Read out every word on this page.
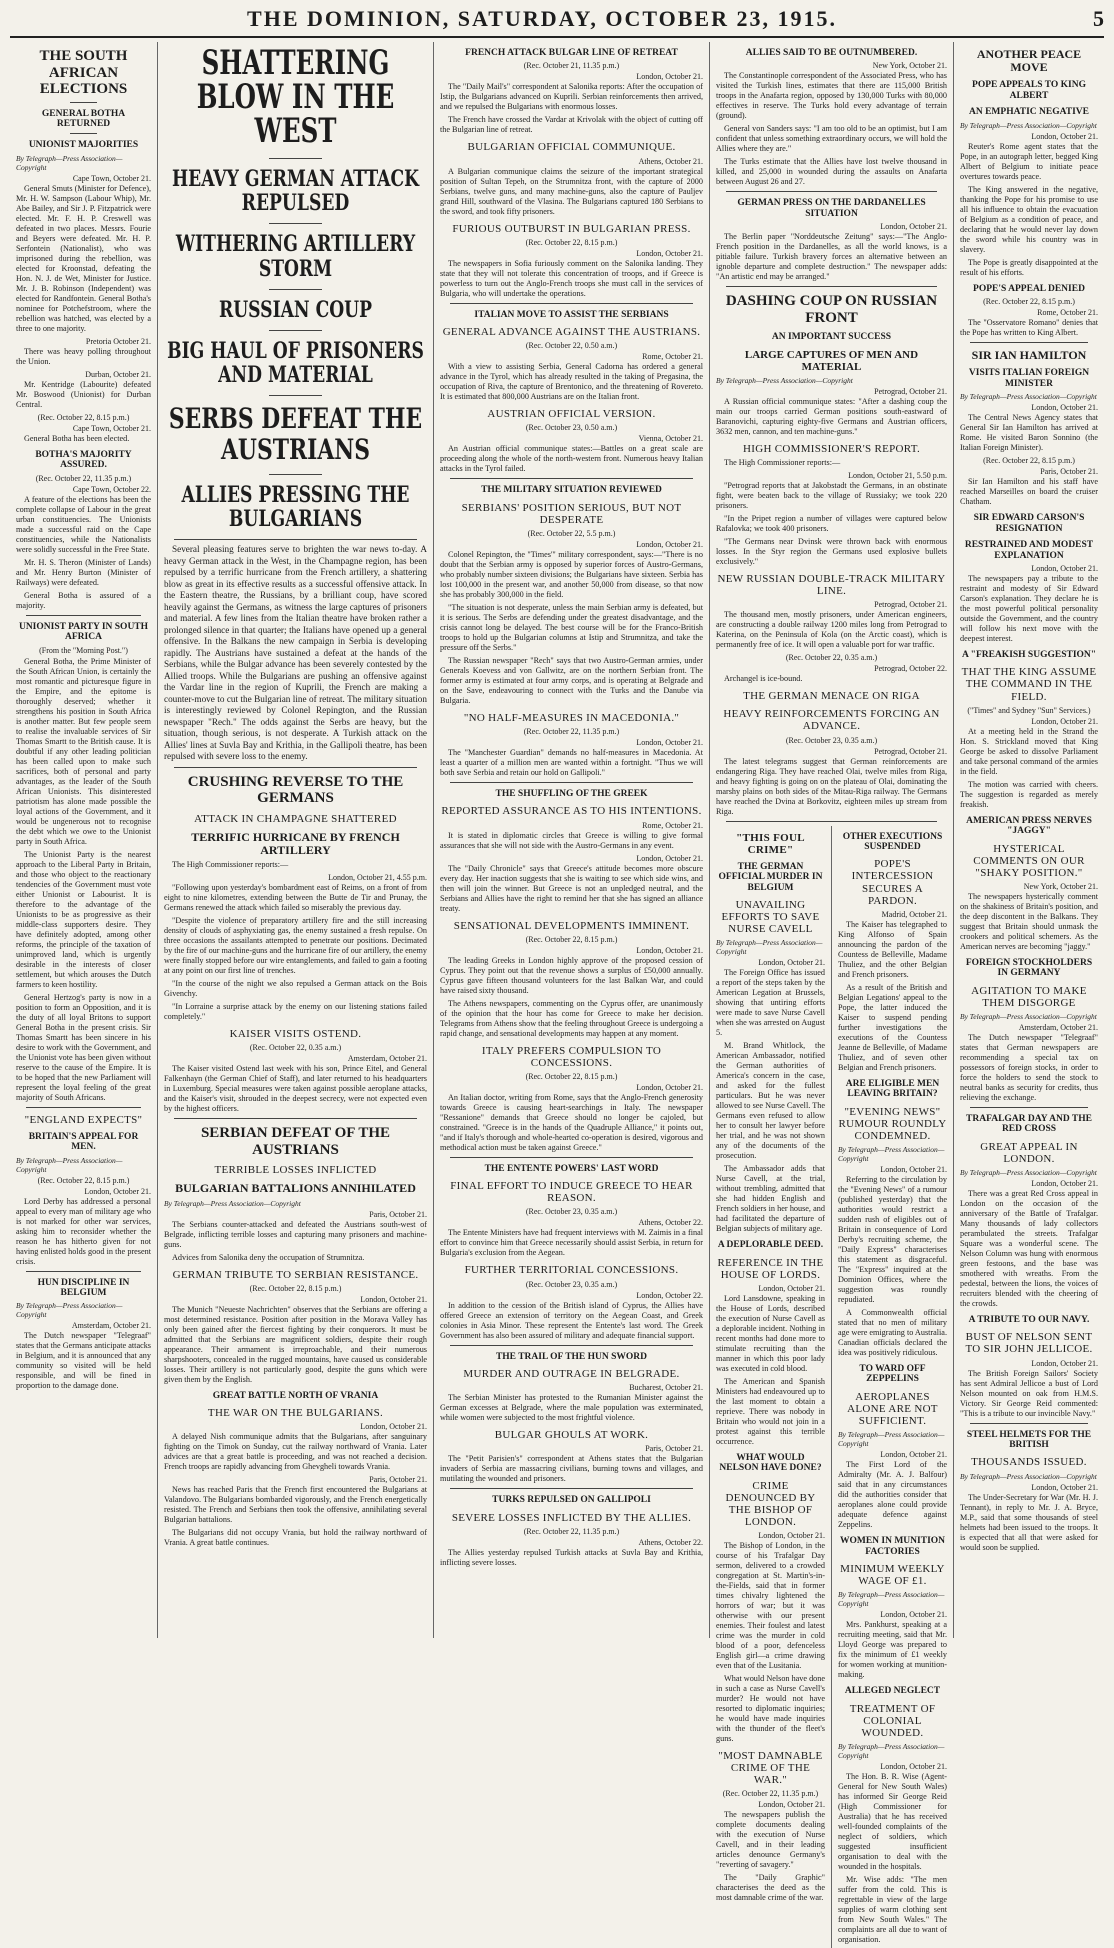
THE DOMINION, SATURDAY, OCTOBER 23, 1915.	5
THE SOUTH AFRICAN ELECTIONS
GENERAL BOTHA RETURNED
UNIONIST MAJORITIES
By Telegraph—Press Association—Copyright
Cape Town, October 21.

General Smuts (Minister for Defence), Mr. H. W. Sampson (Labour Whip), Mr. Abe Bailey, and Sir J. P. Fitzpatrick were elected. Mr. F. H. P. Creswell was defeated in two places. Messrs. Fourie and Beyers were defeated. Mr. H. P. Serfontein (Nationalist), who was imprisoned during the rebellion, was elected for Kroonstad, defeating the Hon. N. J. de Wet, Minister for Justice. Mr. J. B. Robinson (Independent) was elected for Randfontein. General Botha's nominee for Potchefstroom, where the rebellion was hatched, was elected by a three to one majority.

Pretoria October 21.

There was heavy polling throughout the Union.

Durban, October 21.

Mr. Kentridge (Labourite) defeated Mr. Boswood (Unionist) for Durban Central.

(Rec. October 22, 8.15 p.m.)
Cape Town, October 21.

General Botha has been elected.

BOTHA'S MAJORITY ASSURED.
(Rec. October 22, 11.35 p.m.)
Cape Town, October 22.

A feature of the elections has been the complete collapse of Labour in the great urban constituencies. The Unionists made a successful raid on the Cape constituencies, while the Nationalists were solidly successful in the Free State.

Mr. H. S. Theron (Minister of Lands) and Mr. Henry Burton (Minister of Railways) were defeated.

General Botha is assured of a majority.

UNIONIST PARTY IN SOUTH AFRICA
(From the "Morning Post.")

General Botha, the Prime Minister of the South African Union, is certainly the most romantic and picturesque figure in the Empire, and the epitome is thoroughly deserved; whether it strengthens his position in South Africa is another matter. But few people seem to realise the invaluable services of Sir Thomas Smartt to the British cause. It is doubtful if any other leading politician has been called upon to make such sacrifices, both of personal and party advantages, as the leader of the South African Unionists. This disinterested patriotism has alone made possible the loyal actions of the Government, and it would be ungenerous not to recognise the debt which we owe to the Unionist party in South Africa.

The Unionist Party is the nearest approach to the Liberal Party in Britain, and those who object to the reactionary tendencies of the Government must vote either Unionist or Labourist. It is therefore to the advantage of the Unionists to be as progressive as their middle-class supporters desire. They have definitely adopted, among other reforms, the principle of the taxation of unimproved land, which is urgently desirable in the interests of closer settlement, but which arouses the Dutch farmers to keen hostility.

General Hertzog's party is now in a position to form an Opposition, and it is the duty of all loyal Britons to support General Botha in the present crisis. Sir Thomas Smartt has been sincere in his desire to work with the Government, and the Unionist vote has been given without reserve to the cause of the Empire. It is to be hoped that the new Parliament will represent the loyal feeling of the great majority of South Africans.

"ENGLAND EXPECTS"
BRITAIN'S APPEAL FOR MEN.
By Telegraph—Press Association—Copyright
(Rec. October 22, 8.15 p.m.)
London, October 21.

Lord Derby has addressed a personal appeal to every man of military age who is not marked for other war services, asking him to reconsider whether the reason he has hitherto given for not having enlisted holds good in the present crisis.

HUN DISCIPLINE IN BELGIUM
By Telegraph—Press Association—Copyright
Amsterdam, October 21.

The Dutch newspaper "Telegraaf" states that the Germans anticipate attacks in Belgium, and it is announced that any community so visited will be held responsible, and will be fined in proportion to the damage done.

SHATTERING BLOW IN THE WEST
HEAVY GERMAN ATTACK REPULSED
WITHERING ARTILLERY STORM
RUSSIAN COUP
BIG HAUL OF PRISONERS AND MATERIAL
SERBS DEFEAT THE AUSTRIANS
ALLIES PRESSING THE BULGARIANS

Several pleasing features serve to brighten the war news to-day. A heavy German attack in the West, in the Champagne region, has been repulsed by a terrific hurricane from the French artillery, a shattering blow as great in its effective results as a successful offensive attack. In the Eastern theatre, the Russians, by a brilliant coup, have scored heavily against the Germans, as witness the large captures of prisoners and material. A few lines from the Italian theatre have broken rather a prolonged silence in that quarter; the Italians have opened up a general offensive. In the Balkans the new campaign in Serbia is developing rapidly. The Austrians have sustained a defeat at the hands of the Serbians, while the Bulgar advance has been severely contested by the Allied troops. While the Bulgarians are pushing an offensive against the Vardar line in the region of Kuprili, the French are making a counter-move to cut the Bulgarian line of retreat. The military situation is interestingly reviewed by Colonel Repington, and the Russian newspaper "Rech." The odds against the Serbs are heavy, but the situation, though serious, is not desperate. A Turkish attack on the Allies' lines at Suvla Bay and Krithia, in the Gallipoli theatre, has been repulsed with severe loss to the enemy.

CRUSHING REVERSE TO THE GERMANS
ATTACK IN CHAMPAGNE SHATTERED
TERRIFIC HURRICANE BY FRENCH ARTILLERY

The High Commissioner reports:—

London, October 21, 4.55 p.m.

"Following upon yesterday's bombardment east of Reims, on a front of from eight to nine kilometres, extending between the Butte de Tir and Prunay, the Germans renewed the attack which failed so miserably the previous day.

"Despite the violence of preparatory artillery fire and the still increasing density of clouds of asphyxiating gas, the enemy sustained a fresh repulse. On three occasions the assailants attempted to penetrate our positions. Decimated by the fire of our machine-guns and the hurricane fire of our artillery, the enemy were finally stopped before our wire entanglements, and failed to gain a footing at any point on our first line of trenches.

"In the course of the night we also repulsed a German attack on the Bois Givenchy.

"In Lorraine a surprise attack by the enemy on our listening stations failed completely."

KAISER VISITS OSTEND.
(Rec. October 22, 0.35 a.m.)
Amsterdam, October 21.

The Kaiser visited Ostend last week with his son, Prince Eitel, and General Falkenhayn (the German Chief of Staff), and later returned to his headquarters in Luxemburg. Special measures were taken against possible aeroplane attacks, and the Kaiser's visit, shrouded in the deepest secrecy, were not expected even by the highest officers.

SERBIAN DEFEAT OF THE AUSTRIANS
TERRIBLE LOSSES INFLICTED
BULGARIAN BATTALIONS ANNIHILATED
By Telegraph—Press Association—Copyright
Paris, October 21.

The Serbians counter-attacked and defeated the Austrians south-west of Belgrade, inflicting terrible losses and capturing many prisoners and machine-guns.

Advices from Salonika deny the occupation of Strumnitza.

GERMAN TRIBUTE TO SERBIAN RESISTANCE.
(Rec. October 22, 8.15 p.m.)
London, October 21.

The Munich "Neueste Nachrichten" observes that the Serbians are offering a most determined resistance. Position after position in the Morava Valley has only been gained after the fiercest fighting by their conquerors. It must be admitted that the Serbians are magnificent soldiers, despite their rough appearance. Their armament is irreproachable, and their numerous sharpshooters, concealed in the rugged mountains, have caused us considerable losses. Their artillery is not particularly good, despite the guns which were given them by the English.

GREAT BATTLE NORTH OF VRANIA
THE WAR ON THE BULGARIANS.
London, October 21.

A delayed Nish communique admits that the Bulgarians, after sanguinary fighting on the Timok on Sunday, cut the railway northward of Vrania. Later advices are that a great battle is proceeding, and was not reached a decision. French troops are rapidly advancing from Ghevgheli towards Vrania.

Paris, October 21.

News has reached Paris that the French first encountered the Bulgarians at Valandovo. The Bulgarians bombarded vigorously, and the French energetically resisted. The French and Serbians then took the offensive, annihilating several Bulgarian battalions.

The Bulgarians did not occupy Vrania, but hold the railway northward of Vrania. A great battle continues.

FRENCH ATTACK BULGAR LINE OF RETREAT
(Rec. October 21, 11.35 p.m.)
London, October 21.

The "Daily Mail's" correspondent at Salonika reports: After the occupation of Istip, the Bulgarians advanced on Kuprili. Serbian reinforcements then arrived, and we repulsed the Bulgarians with enormous losses.

The French have crossed the Vardar at Krivolak with the object of cutting off the Bulgarian line of retreat.

BULGARIAN OFFICIAL COMMUNIQUE.
Athens, October 21.

A Bulgarian communique claims the seizure of the important strategical position of Sultan Tepeh, on the Strumnitza front, with the capture of 2000 Serbians, twelve guns, and many machine-guns, also the capture of Pauljev grand Hill, southward of the Vlasina. The Bulgarians captured 180 Serbians to the sword, and took fifty prisoners.

FURIOUS OUTBURST IN BULGARIAN PRESS.
(Rec. October 22, 8.15 p.m.)
London, October 21.

The newspapers in Sofia furiously comment on the Salonika landing. They state that they will not tolerate this concentration of troops, and if Greece is powerless to turn out the Anglo-French troops she must call in the services of Bulgaria, who will undertake the operations.

ITALIAN MOVE TO ASSIST THE SERBIANS
GENERAL ADVANCE AGAINST THE AUSTRIANS.
(Rec. October 22, 0.50 a.m.)
Rome, October 21.

With a view to assisting Serbia, General Cadorna has ordered a general advance in the Tyrol, which has already resulted in the taking of Pregasina, the occupation of Riva, the capture of Brentonico, and the threatening of Rovereto. It is estimated that 800,000 Austrians are on the Italian front.

AUSTRIAN OFFICIAL VERSION.
(Rec. October 23, 0.50 a.m.)
Vienna, October 21.

An Austrian official communique states:—Battles on a great scale are proceeding along the whole of the north-western front. Numerous heavy Italian attacks in the Tyrol failed.

THE MILITARY SITUATION REVIEWED
SERBIANS' POSITION SERIOUS, BUT NOT DESPERATE
(Rec. October 22, 5.5 p.m.)
London, October 21.

Colonel Repington, the "Times'" military correspondent, says:—"There is no doubt that the Serbian army is opposed by superior forces of Austro-Germans, who probably number sixteen divisions; the Bulgarians have sixteen. Serbia has lost 100,000 in the present war, and another 50,000 from disease, so that now she has probably 300,000 in the field.

"The situation is not desperate, unless the main Serbian army is defeated, but it is serious. The Serbs are defending under the greatest disadvantage, and the crisis cannot long be delayed. The best course will be for the Franco-British troops to hold up the Bulgarian columns at Istip and Strumnitza, and take the pressure off the Serbs."

The Russian newspaper "Rech" says that two Austro-German armies, under Generals Koevess and von Gallwitz, are on the northern Serbian front. The former army is estimated at four army corps, and is operating at Belgrade and on the Save, endeavouring to connect with the Turks and the Danube via Bulgaria.

"NO HALF-MEASURES IN MACEDONIA."
(Rec. October 22, 11.35 p.m.)
London, October 21.

The "Manchester Guardian" demands no half-measures in Macedonia. At least a quarter of a million men are wanted within a fortnight. "Thus we will both save Serbia and retain our hold on Gallipoli."

THE SHUFFLING OF THE GREEK
REPORTED ASSURANCE AS TO HIS INTENTIONS.
Rome, October 21.

It is stated in diplomatic circles that Greece is willing to give formal assurances that she will not side with the Austro-Germans in any event.

London, October 21.

The "Daily Chronicle" says that Greece's attitude becomes more obscure every day. Her inaction suggests that she is waiting to see which side wins, and then will join the winner. But Greece is not an unpledged neutral, and the Serbians and Allies have the right to remind her that she has signed an alliance treaty.

SENSATIONAL DEVELOPMENTS IMMINENT.
(Rec. October 22, 8.15 p.m.)
London, October 21.

The leading Greeks in London highly approve of the proposed cession of Cyprus. They point out that the revenue shows a surplus of £50,000 annually. Cyprus gave fifteen thousand volunteers for the last Balkan War, and could have raised sixty thousand.

The Athens newspapers, commenting on the Cyprus offer, are unanimously of the opinion that the hour has come for Greece to make her decision. Telegrams from Athens show that the feeling throughout Greece is undergoing a rapid change, and sensational developments may happen at any moment.

ITALY PREFERS COMPULSION TO CONCESSIONS.
(Rec. October 22, 8.15 p.m.)
London, October 21.

An Italian doctor, writing from Rome, says that the Anglo-French generosity towards Greece is causing heart-searchings in Italy. The newspaper "Ressanione" demands that Greece should no longer be cajoled, but constrained. "Greece is in the hands of the Quadruple Alliance," it points out, "and if Italy's thorough and whole-hearted co-operation is desired, vigorous and methodical action must be taken against Greece."

THE ENTENTE POWERS' LAST WORD
FINAL EFFORT TO INDUCE GREECE TO HEAR REASON.
(Rec. October 23, 0.35 a.m.)
Athens, October 22.

The Entente Ministers have had frequent interviews with M. Zaimis in a final effort to convince him that Greece necessarily should assist Serbia, in return for Bulgaria's exclusion from the Aegean.

FURTHER TERRITORIAL CONCESSIONS.
(Rec. October 23, 0.35 a.m.)
London, October 22.

In addition to the cession of the British island of Cyprus, the Allies have offered Greece an extension of territory on the Aegean Coast, and Greek colonies in Asia Minor. These represent the Entente's last word. The Greek Government has also been assured of military and adequate financial support.

THE TRAIL OF THE HUN SWORD
MURDER AND OUTRAGE IN BELGRADE.
Bucharest, October 21.

The Serbian Minister has protested to the Rumanian Minister against the German excesses at Belgrade, where the male population was exterminated, while women were subjected to the most frightful violence.

BULGAR GHOULS AT WORK.
Paris, October 21.

The "Petit Parisien's" correspondent at Athens states that the Bulgarian invaders of Serbia are massacring civilians, burning towns and villages, and mutilating the wounded and prisoners.

TURKS REPULSED ON GALLIPOLI
SEVERE LOSSES INFLICTED BY THE ALLIES.
(Rec. October 22, 11.35 p.m.)
Athens, October 22.

The Allies yesterday repulsed Turkish attacks at Suvla Bay and Krithia, inflicting severe losses.

ALLIES SAID TO BE OUTNUMBERED.
New York, October 21.

The Constantinople correspondent of the Associated Press, who has visited the Turkish lines, estimates that there are 115,000 British troops in the Anafarta region, opposed by 130,000 Turks with 80,000 effectives in reserve. The Turks hold every advantage of terrain (ground).

General von Sanders says: "I am too old to be an optimist, but I am confident that unless something extraordinary occurs, we will hold the Allies where they are."

The Turks estimate that the Allies have lost twelve thousand in killed, and 25,000 in wounded during the assaults on Anafarta between August 26 and 27.

GERMAN PRESS ON THE DARDANELLES SITUATION
London, October 21.

The Berlin paper "Norddeutsche Zeitung" says:—"The Anglo-French position in the Dardanelles, as all the world knows, is a pitiable failure. Turkish bravery forces an alternative between an ignoble departure and complete destruction." The newspaper adds: "An artistic end may be arranged."

DASHING COUP ON RUSSIAN FRONT
AN IMPORTANT SUCCESS
LARGE CAPTURES OF MEN AND MATERIAL
By Telegraph—Press Association—Copyright
Petrograd, October 21.

A Russian official communique states: "After a dashing coup the main our troops carried German positions south-eastward of Baranovichi, capturing eighty-five Germans and Austrian officers, 3632 men, cannon, and ten machine-guns."

HIGH COMMISSIONER'S REPORT.

The High Commissioner reports:—

London, October 21, 5.50 p.m.

"Petrograd reports that at Jakobstadt the Germans, in an obstinate fight, were beaten back to the village of Russiaky; we took 220 prisoners.

"In the Pripet region a number of villages were captured below Rafalovka; we took 400 prisoners.

"The Germans near Dvinsk were thrown back with enormous losses. In the Styr region the Germans used explosive bullets exclusively."

NEW RUSSIAN DOUBLE-TRACK MILITARY LINE.
Petrograd, October 21.

The thousand men, mostly prisoners, under American engineers, are constructing a double railway 1200 miles long from Petrograd to Katerina, on the Peninsula of Kola (on the Arctic coast), which is permanently free of ice. It will open a valuable port for war traffic.

(Rec. October 22, 0.35 a.m.)
Petrograd, October 22.

Archangel is ice-bound.

THE GERMAN MENACE ON RIGA
HEAVY REINFORCEMENTS FORCING AN ADVANCE.
(Rec. October 23, 0.35 a.m.)
Petrograd, October 21.

The latest telegrams suggest that German reinforcements are endangering Riga. They have reached Olai, twelve miles from Riga, and heavy fighting is going on on the plateau of Olai, dominating the marshy plains on both sides of the Mitau-Riga railway. The Germans have reached the Dvina at Borkovitz, eighteen miles up stream from Riga.

"THIS FOUL CRIME"
THE GERMAN OFFICIAL MURDER IN BELGIUM
UNAVAILING EFFORTS TO SAVE NURSE CAVELL
By Telegraph—Press Association—Copyright
London, October 21.

The Foreign Office has issued a report of the steps taken by the American Legation at Brussels, showing that untiring efforts were made to save Nurse Cavell when she was arrested on August 5.

M. Brand Whitlock, the American Ambassador, notified the German authorities of America's concern in the case, and asked for the fullest particulars. But he was never allowed to see Nurse Cavell. The Germans even refused to allow her to consult her lawyer before her trial, and he was not shown any of the documents of the prosecution.

The Ambassador adds that Nurse Cavell, at the trial, without trembling, admitted that she had hidden English and French soldiers in her house, and had facilitated the departure of Belgian subjects of military age.

A DEPLORABLE DEED.
REFERENCE IN THE HOUSE OF LORDS.
London, October 21.

Lord Lansdowne, speaking in the House of Lords, described the execution of Nurse Cavell as a deplorable incident. Nothing in recent months had done more to stimulate recruiting than the manner in which this poor lady was executed in cold blood.

The American and Spanish Ministers had endeavoured up to the last moment to obtain a reprieve. There was nobody in Britain who would not join in a protest against this terrible occurrence.

WHAT WOULD NELSON HAVE DONE?
CRIME DENOUNCED BY THE BISHOP OF LONDON.
London, October 21.

The Bishop of London, in the course of his Trafalgar Day sermon, delivered to a crowded congregation at St. Martin's-in-the-Fields, said that in former times chivalry lightened the horrors of war; but it was otherwise with our present enemies. Their foulest and latest crime was the murder in cold blood of a poor, defenceless English girl—a crime drawing even that of the Lusitania.

What would Nelson have done in such a case as Nurse Cavell's murder? He would not have resorted to diplomatic inquiries; he would have made inquiries with the thunder of the fleet's guns.

"MOST DAMNABLE CRIME OF THE WAR."
(Rec. October 22, 11.35 p.m.)
London, October 21.

The newspapers publish the complete documents dealing with the execution of Nurse Cavell, and in their leading articles denounce Germany's "reverting of savagery."

The "Daily Graphic" characterises the deed as the most damnable crime of the war.

OTHER EXECUTIONS SUSPENDED
POPE'S INTERCESSION SECURES A PARDON.
Madrid, October 21.

The Kaiser has telegraphed to King Alfonso of Spain announcing the pardon of the Countess de Belleville, Madame Thuliez, and the other Belgian and French prisoners.

As a result of the British and Belgian Legations' appeal to the Pope, the latter induced the Kaiser to suspend pending further investigations the executions of the Countess Jeanne de Belleville, of Madame Thuliez, and of seven other Belgian and French prisoners.

ARE ELIGIBLE MEN LEAVING BRITAIN?
"EVENING NEWS" RUMOUR ROUNDLY CONDEMNED.
By Telegraph—Press Association—Copyright
London, October 21.

Referring to the circulation by the "Evening News" of a rumour (published yesterday) that the authorities would restrict a sudden rush of eligibles out of Britain in consequence of Lord Derby's recruiting scheme, the "Daily Express" characterises this statement as disgraceful. The "Express" inquired at the Dominion Offices, where the suggestion was roundly repudiated.

A Commonwealth official stated that no men of military age were emigrating to Australia. Canadian officials declared the idea was positively ridiculous.

TO WARD OFF ZEPPELINS
AEROPLANES ALONE ARE NOT SUFFICIENT.
By Telegraph—Press Association—Copyright
London, October 21.

The First Lord of the Admiralty (Mr. A. J. Balfour) said that in any circumstances did the authorities consider that aeroplanes alone could provide adequate defence against Zeppelins.

WOMEN IN MUNITION FACTORIES
MINIMUM WEEKLY WAGE OF £1.
By Telegraph—Press Association—Copyright
London, October 21.

Mrs. Pankhurst, speaking at a recruiting meeting, said that Mr. Lloyd George was prepared to fix the minimum of £1 weekly for women working at munition-making.

ALLEGED NEGLECT
TREATMENT OF COLONIAL WOUNDED.
By Telegraph—Press Association—Copyright
London, October 21.

The Hon. B. R. Wise (Agent-General for New South Wales) has informed Sir George Reid (High Commissioner for Australia) that he has received well-founded complaints of the neglect of soldiers, which suggested insufficient organisation to deal with the wounded in the hospitals.

Mr. Wise adds: "The men suffer from the cold. This is regrettable in view of the large supplies of warm clothing sent from New South Wales." The complaints are all due to want of organisation.

ANOTHER PEACE MOVE
POPE APPEALS TO KING ALBERT
AN EMPHATIC NEGATIVE
By Telegraph—Press Association—Copyright
London, October 21.

Reuter's Rome agent states that the Pope, in an autograph letter, begged King Albert of Belgium to initiate peace overtures towards peace.

The King answered in the negative, thanking the Pope for his promise to use all his influence to obtain the evacuation of Belgium as a condition of peace, and declaring that he would never lay down the sword while his country was in slavery.

The Pope is greatly disappointed at the result of his efforts.

POPE'S APPEAL DENIED
(Rec. October 22, 8.15 p.m.)
Rome, October 21.

The "Osservatore Romano" denies that the Pope has written to King Albert.

SIR IAN HAMILTON
VISITS ITALIAN FOREIGN MINISTER
By Telegraph—Press Association—Copyright
London, October 21.

The Central News Agency states that General Sir Ian Hamilton has arrived at Rome. He visited Baron Sonnino (the Italian Foreign Minister).

(Rec. October 22, 8.15 p.m.)
Paris, October 21.

Sir Ian Hamilton and his staff have reached Marseilles on board the cruiser Chatham.

SIR EDWARD CARSON'S RESIGNATION
RESTRAINED AND MODEST EXPLANATION
London, October 21.

The newspapers pay a tribute to the restraint and modesty of Sir Edward Carson's explanation. They declare he is the most powerful political personality outside the Government, and the country will follow his next move with the deepest interest.

A "FREAKISH SUGGESTION"
THAT THE KING ASSUME THE COMMAND IN THE FIELD.
("Times" and Sydney "Sun" Services.)
London, October 21.

At a meeting held in the Strand the Hon. S. Strickland moved that King George be asked to dissolve Parliament and take personal command of the armies in the field.

The motion was carried with cheers. The suggestion is regarded as merely freakish.

AMERICAN PRESS NERVES "JAGGY"
HYSTERICAL COMMENTS ON OUR "SHAKY POSITION."
New York, October 21.

The newspapers hysterically comment on the shakiness of Britain's position, and the deep discontent in the Balkans. They suggest that Britain should unmask the crookers and political schemers. As the American nerves are becoming "jaggy."

FOREIGN STOCKHOLDERS IN GERMANY
AGITATION TO MAKE THEM DISGORGE
By Telegraph—Press Association—Copyright
Amsterdam, October 21.

The Dutch newspaper "Telegraaf" states that German newspapers are recommending a special tax on possessors of foreign stocks, in order to force the holders to send the stock to neutral banks as security for credits, thus relieving the exchange.

TRAFALGAR DAY AND THE RED CROSS
GREAT APPEAL IN LONDON.
By Telegraph—Press Association—Copyright
London, October 21.

There was a great Red Cross appeal in London on the occasion of the anniversary of the Battle of Trafalgar. Many thousands of lady collectors perambulated the streets. Trafalgar Square was a wonderful scene. The Nelson Column was hung with enormous green festoons, and the base was smothered with wreaths. From the pedestal, between the lions, the voices of recruiters blended with the cheering of the crowds.

A TRIBUTE TO OUR NAVY.
BUST OF NELSON SENT TO SIR JOHN JELLICOE.
London, October 21.

The British Foreign Sailors' Society has sent Admiral Jellicoe a bust of Lord Nelson mounted on oak from H.M.S. Victory. Sir George Reid commented: "This is a tribute to our invincible Navy."

STEEL HELMETS FOR THE BRITISH
THOUSANDS ISSUED.
By Telegraph—Press Association—Copyright
London, October 21.

The Under-Secretary for War (Mr. H. J. Tennant), in reply to Mr. J. A. Bryce, M.P., said that some thousands of steel helmets had been issued to the troops. It is expected that all that were asked for would soon be supplied.
